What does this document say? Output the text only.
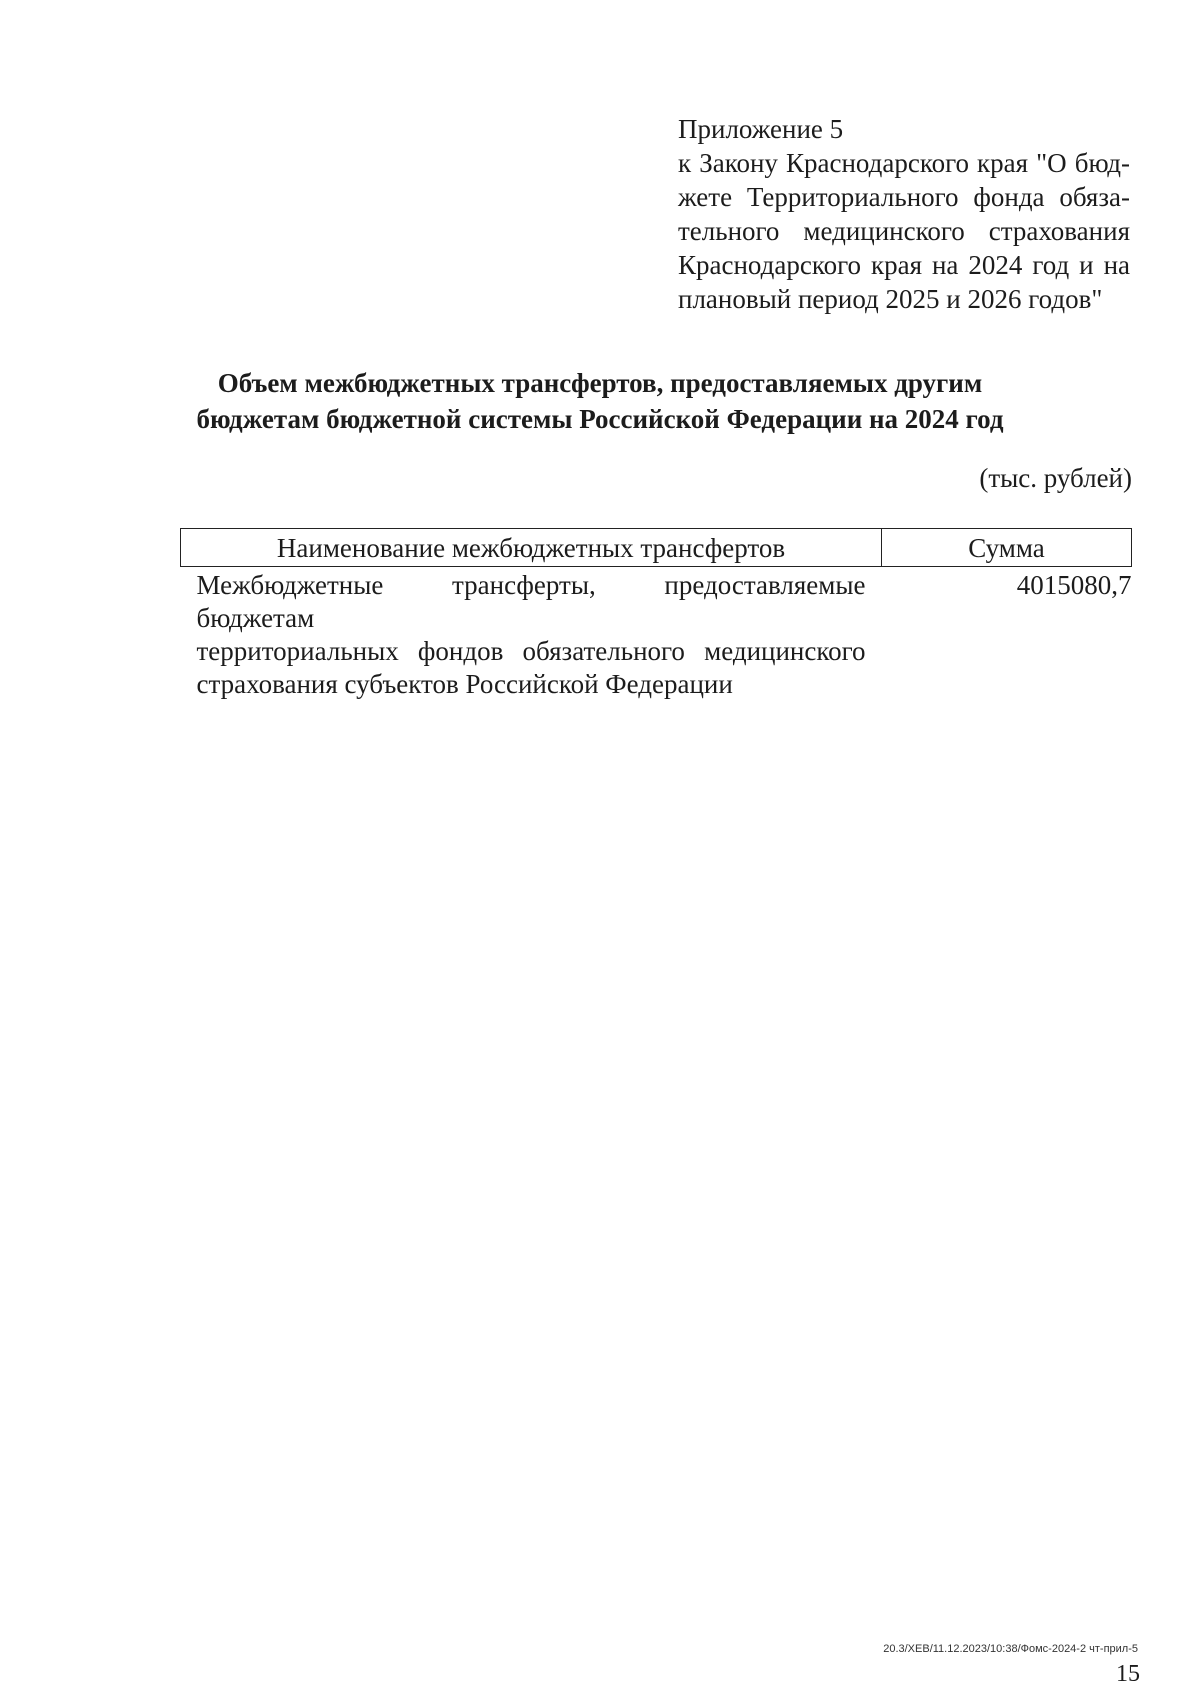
Приложение 5
к Закону Краснодарского края "О бюд-
жете Территориального фонда обяза-
тельного медицинского страхования
Краснодарского края на 2024 год и на
плановый период 2025 и 2026 годов"
Объем межбюджетных трансфертов, предоставляемых другим
бюджетам бюджетной системы Российской Федерации на 2024 год
(тыс. рублей)
Наименование межбюджетных трансфертов	Сумма

Межбюджетные трансферты, предоставляемые бюджетам
территориальных фондов обязательного медицинского
страхования субъектов Российской Федерации	4015080,7
20.3/ХЕВ/11.12.2023/10:38/Фомс-2024-2 чт-прил-5
15
